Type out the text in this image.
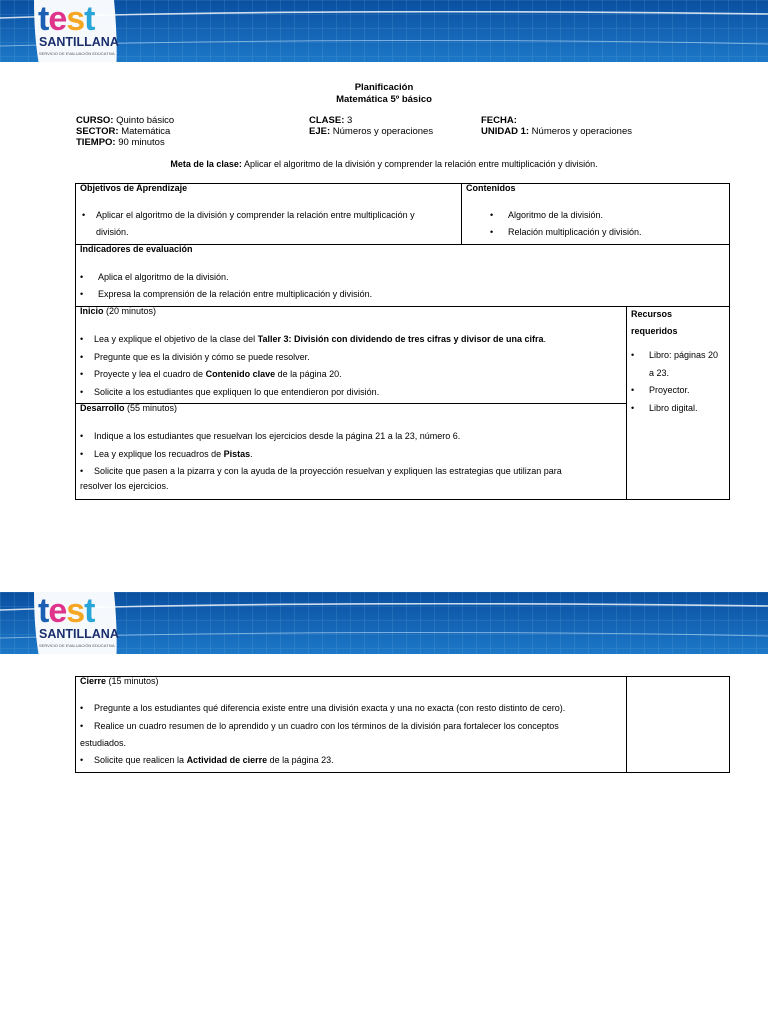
test
SANTILLANA
SERVICIO DE EVALUACIÓN EDUCATIVA
Planificación
Matemática 5º básico
CURSO: Quinto básico
SECTOR: Matemática
TIEMPO: 90 minutos
CLASE: 3
EJE: Números y operaciones
FECHA:
UNIDAD 1: Números y operaciones
Meta de la clase: Aplicar el algoritmo de la división y comprender la relación entre multiplicación y división.
Objetivos de Aprendizaje
• Aplicar el algoritmo de la división y comprender la relación entre multiplicación y
división.
Contenidos
• Algoritmo de la división.
• Relación multiplicación y división.
Indicadores de evaluación
• Aplica el algoritmo de la división.
• Expresa la comprensión de la relación entre multiplicación y división.
Inicio (20 minutos)
• Lea y explique el objetivo de la clase del Taller 3: División con dividendo de tres cifras y divisor de una cifra.
• Pregunte que es la división y cómo se puede resolver.
• Proyecte y lea el cuadro de Contenido clave de la página 20.
• Solicite a los estudiantes que expliquen lo que entendieron por división.
Recursos
requeridos
• Libro: páginas 20
a 23.
• Proyector.
• Libro digital.
Desarrollo (55 minutos)
• Indique a los estudiantes que resuelvan los ejercicios desde la página 21 a la 23, número 6.
• Lea y explique los recuadros de Pistas.
• Solicite que pasen a la pizarra y con la ayuda de la proyección resuelvan y expliquen las estrategias que utilizan para
resolver los ejercicios.
test
SANTILLANA
SERVICIO DE EVALUACIÓN EDUCATIVA
Cierre (15 minutos)
• Pregunte a los estudiantes qué diferencia existe entre una división exacta y una no exacta (con resto distinto de cero).
• Realice un cuadro resumen de lo aprendido y un cuadro con los términos de la división para fortalecer los conceptos
estudiados.
• Solicite que realicen la Actividad de cierre de la página 23.
